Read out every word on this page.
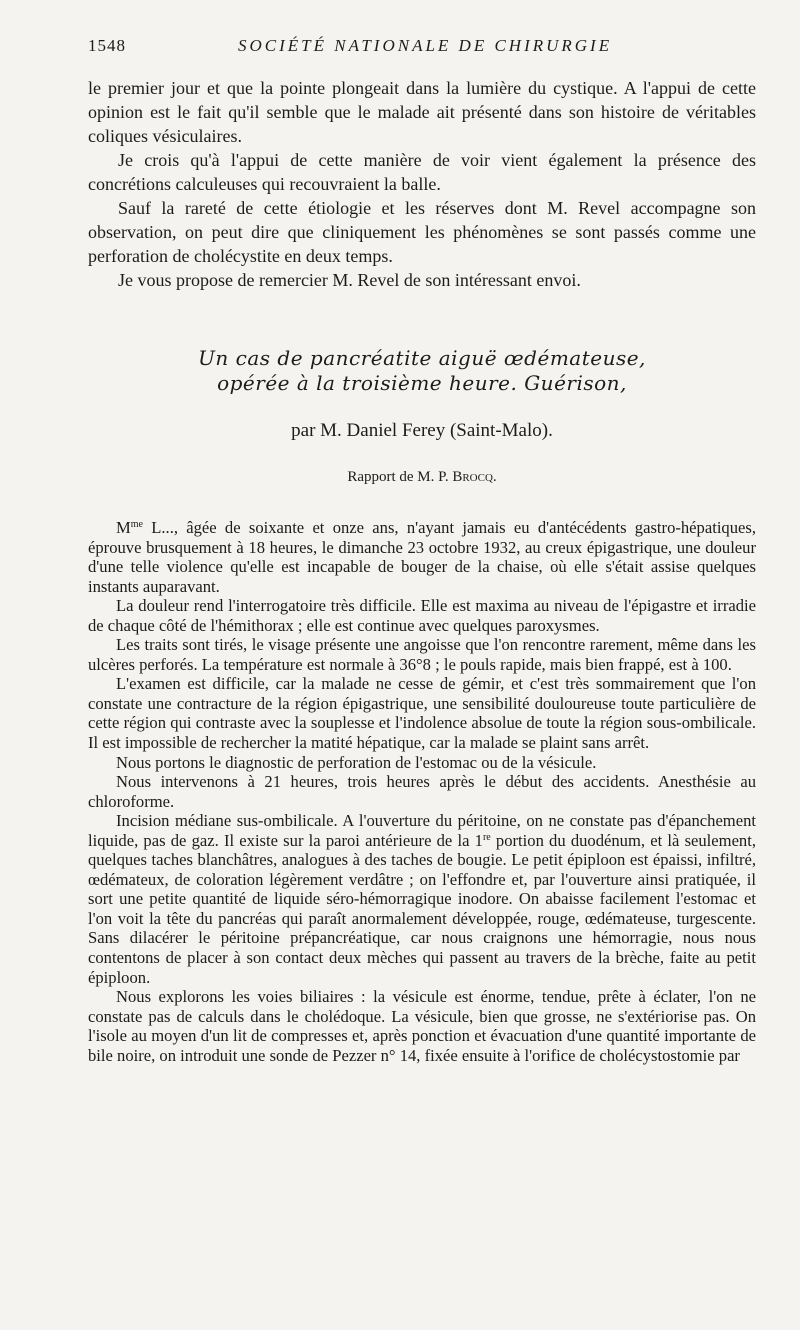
1548	SOCIÉTÉ NATIONALE DE CHIRURGIE

le premier jour et que la pointe plongeait dans la lumière du cystique. A l'appui de cette opinion est le fait qu'il semble que le malade ait présenté dans son histoire de véritables coliques vésiculaires.

Je crois qu'à l'appui de cette manière de voir vient également la présence des concrétions calculeuses qui recouvraient la balle.

Sauf la rareté de cette étiologie et les réserves dont M. Revel accompagne son observation, on peut dire que cliniquement les phénomènes se sont passés comme une perforation de cholécystite en deux temps.

Je vous propose de remercier M. Revel de son intéressant envoi.

Un cas de pancréatite aiguë œdémateuse,

opérée à la troisième heure. Guérison,

par M. Daniel Ferey (Saint-Malo).
Rapport de M. P. Brocq.

$M^{me}$ L..., âgée de soixante et onze ans, n'ayant jamais eu d'antécédents gastro-hépatiques, éprouve brusquement à 18 heures, le dimanche 23 octobre 1932, au creux épigastrique, une douleur d'une telle violence qu'elle est incapable de bouger de la chaise, où elle s'était assise quelques instants auparavant.

La douleur rend l'interrogatoire très difficile. Elle est maxima au niveau de l'épigastre et irradie de chaque côté de l'hémithorax ; elle est continue avec quelques paroxysmes.

Les traits sont tirés, le visage présente une angoisse que l'on rencontre rarement, même dans les ulcères perforés. La température est normale à 36°8 ; le pouls rapide, mais bien frappé, est à 100.

L'examen est difficile, car la malade ne cesse de gémir, et c'est très sommairement que l'on constate une contracture de la région épigastrique, une sensibilité douloureuse toute particulière de cette région qui contraste avec la souplesse et l'indolence absolue de toute la région sous-ombilicale. Il est impossible de rechercher la matité hépatique, car la malade se plaint sans arrêt.

Nous portons le diagnostic de perforation de l'estomac ou de la vésicule.

Nous intervenons à 21 heures, trois heures après le début des accidents. Anesthésie au chloroforme.

Incision médiane sus-ombilicale. A l'ouverture du péritoine, on ne constate pas d'épanchement liquide, pas de gaz. Il existe sur la paroi antérieure de la 1re portion du duodénum, et là seulement, quelques taches blanchâtres, analogues à des taches de bougie. Le petit épiploon est épaissi, infiltré, œdémateux, de coloration légèrement verdâtre ; on l'effondre et, par l'ouverture ainsi pratiquée, il sort une petite quantité de liquide séro-hémorragique inodore. On abaisse facilement l'estomac et l'on voit la tête du pancréas qui paraît anormalement développée, rouge, œdémateuse, turgescente. Sans dilacérer le péritoine prépancréatique, car nous craignons une hémorragie, nous nous contentons de placer à son contact deux mèches qui passent au travers de la brèche, faite au petit épiploon.

Nous explorons les voies biliaires : la vésicule est énorme, tendue, prête à éclater, l'on ne constate pas de calculs dans le cholédoque. La vésicule, bien que grosse, ne s'extériorise pas. On l'isole au moyen d'un lit de compresses et, après ponction et évacuation d'une quantité importante de bile noire, on introduit une sonde de Pezzer n° 14, fixée ensuite à l'orifice de cholécystostomie par
